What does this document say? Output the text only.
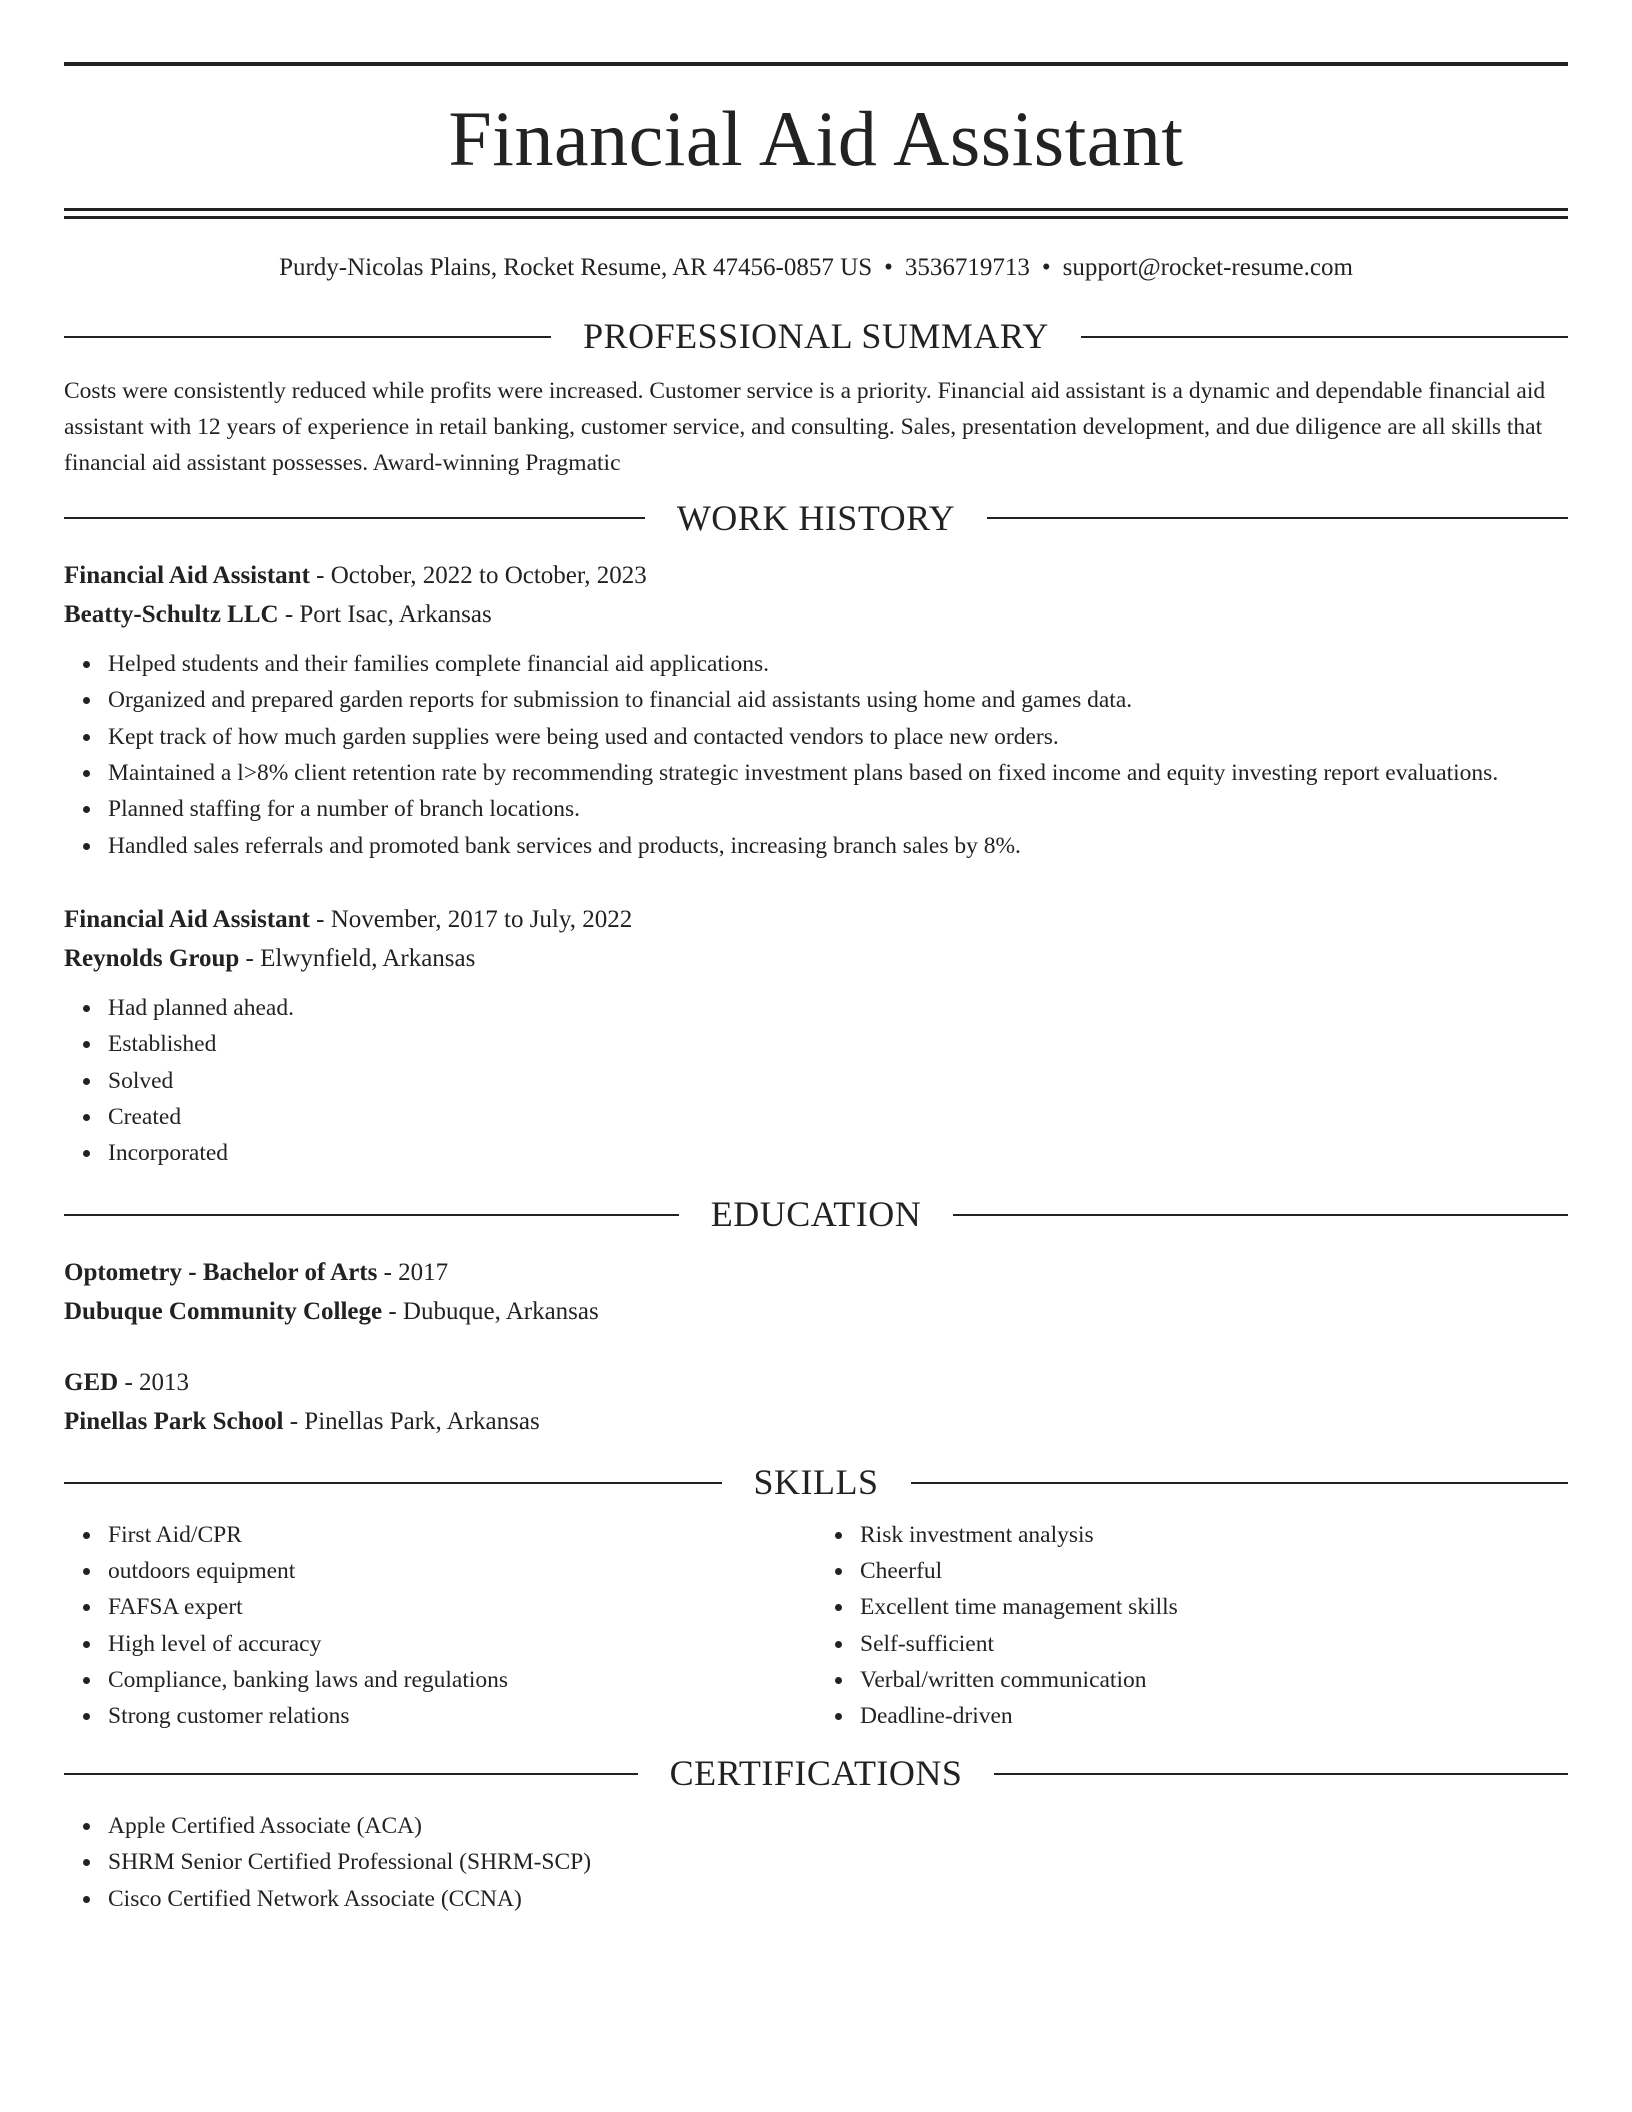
Financial Aid Assistant
Purdy-Nicolas Plains, Rocket Resume, AR 47456-0857 US • 3536719713 • support@rocket-resume.com
PROFESSIONAL SUMMARY

Costs were consistently reduced while profits were increased. Customer service is a priority. Financial aid assistant is a dynamic and dependable financial aid assistant with 12 years of experience in retail banking, customer service, and consulting. Sales, presentation development, and due diligence are all skills that financial aid assistant possesses. Award-winning Pragmatic

WORK HISTORY

Financial Aid Assistant - October, 2022 to October, 2023

Beatty-Schultz LLC - Port Isac, Arkansas

Helped students and their families complete financial aid applications.
Organized and prepared garden reports for submission to financial aid assistants using home and games data.
Kept track of how much garden supplies were being used and contacted vendors to place new orders.
Maintained a l>8% client retention rate by recommending strategic investment plans based on fixed income and equity investing report evaluations.
Planned staffing for a number of branch locations.
Handled sales referrals and promoted bank services and products, increasing branch sales by 8%.

Financial Aid Assistant - November, 2017 to July, 2022

Reynolds Group - Elwynfield, Arkansas

Had planned ahead.
Established
Solved
Created
Incorporated
EDUCATION

Optometry - Bachelor of Arts - 2017

Dubuque Community College - Dubuque, Arkansas

GED - 2013

Pinellas Park School - Pinellas Park, Arkansas

SKILLS
First Aid/CPR
outdoors equipment
FAFSA expert
High level of accuracy
Compliance, banking laws and regulations
Strong customer relations
Risk investment analysis
Cheerful
Excellent time management skills
Self-sufficient
Verbal/written communication
Deadline-driven
CERTIFICATIONS
Apple Certified Associate (ACA)
SHRM Senior Certified Professional (SHRM-SCP)
Cisco Certified Network Associate (CCNA)
